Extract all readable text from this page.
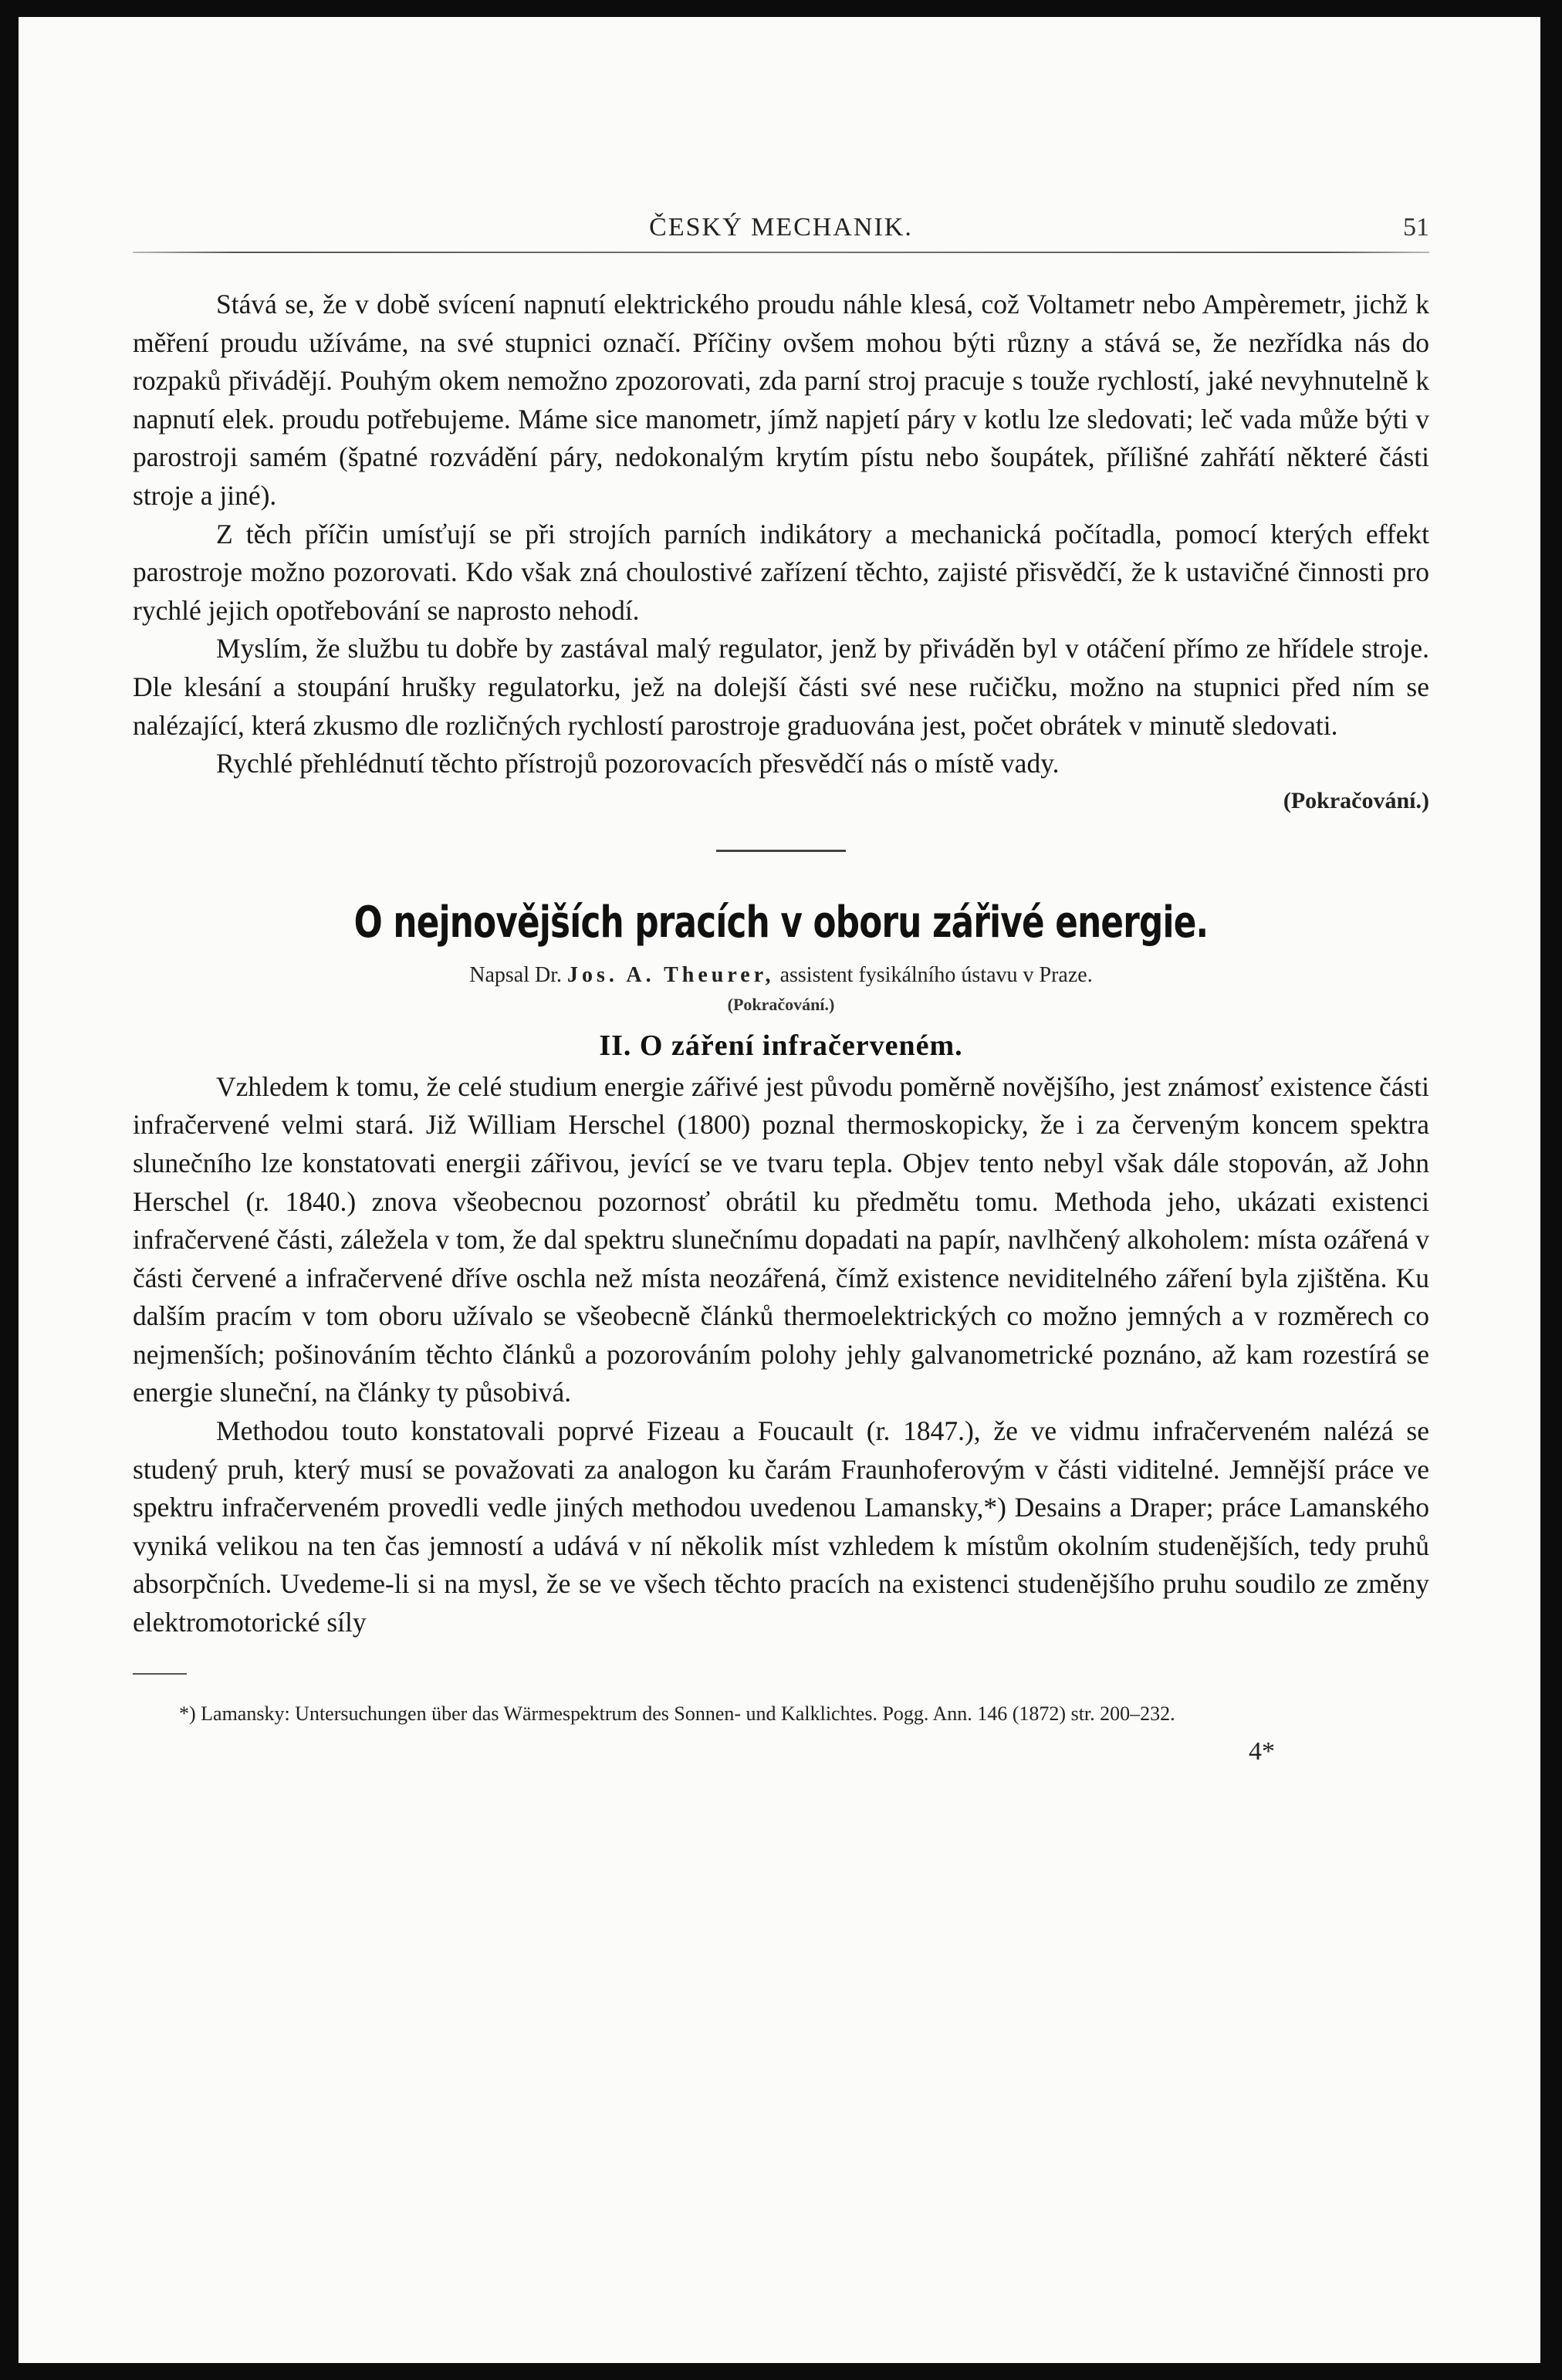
ČESKÝ MECHANIK.	51

Stává se, že v době svícení napnutí elektrického proudu náhle klesá, což Voltametr nebo Ampèremetr, jichž k měření proudu užíváme, na své stupnici označí. Příčiny ovšem mohou býti různy a stává se, že nezřídka nás do rozpaků přivádějí. Pouhým okem nemožno zpozorovati, zda parní stroj pracuje s touže rychlostí, jaké nevyhnutelně k napnutí elek. proudu potřebujeme. Máme sice manometr, jímž napjetí páry v kotlu lze sledovati; leč vada může býti v parostroji samém (špatné rozvádění páry, nedokonalým krytím pístu nebo šoupátek, přílišné zahřátí některé části stroje a jiné).

Z těch příčin umísťují se při strojích parních indikátory a mechanická počítadla, pomocí kterých effekt parostroje možno pozorovati. Kdo však zná choulostivé zařízení těchto, zajisté přisvědčí, že k ustavičné činnosti pro rychlé jejich opotřebování se naprosto nehodí.

Myslím, že službu tu dobře by zastával malý regulator, jenž by přiváděn byl v otáčení přímo ze hřídele stroje. Dle klesání a stoupání hrušky regulatorku, jež na dolejší části své nese ručičku, možno na stupnici před ním se nalézající, která zkusmo dle rozličných rychlostí parostroje graduována jest, počet obrátek v minutě sledovati.

Rychlé přehlédnutí těchto přístrojů pozorovacích přesvědčí nás o místě vady.

(Pokračování.)
O nejnovějších pracích v oboru zářivé energie.
Napsal Dr. Jos. A. Theurer, assistent fysikálního ústavu v Praze.
(Pokračování.)
II. O záření infračerveném.

Vzhledem k tomu, že celé studium energie zářivé jest původu poměrně novějšího, jest známosť existence části infračervené velmi stará. Již William Herschel (1800) poznal thermoskopicky, že i za červeným koncem spektra slunečního lze konstatovati energii zářivou, jevící se ve tvaru tepla. Objev tento nebyl však dále stopován, až John Herschel (r. 1840.) znova všeobecnou pozornosť obrátil ku předmětu tomu. Methoda jeho, ukázati existenci infračervené části, záležela v tom, že dal spektru slunečnímu dopadati na papír, navlhčený alkoholem: místa ozářená v části červené a infračervené dříve oschla než místa neozářená, čímž existence neviditelného záření byla zjištěna. Ku dalším pracím v tom oboru užívalo se všeobecně článků thermoelektrických co možno jemných a v rozměrech co nejmenších; pošinováním těchto článků a pozorováním polohy jehly galvanometrické poznáno, až kam rozestírá se energie sluneční, na články ty působivá.

Methodou touto konstatovali poprvé Fizeau a Foucault (r. 1847.), že ve vidmu infračerveném nalézá se studený pruh, který musí se považovati za analogon ku čarám Fraunhoferovým v části viditelné. Jemnější práce ve spektru infračerveném provedli vedle jiných methodou uvedenou Lamansky,*) Desains a Draper; práce Lamanského vyniká velikou na ten čas jemností a udává v ní několik míst vzhledem k místům okolním studenějších, tedy pruhů absorpčních. Uvedeme-li si na mysl, že se ve všech těchto pracích na existenci studenějšího pruhu soudilo ze změny elektromotorické síly

*) Lamansky: Untersuchungen über das Wärmespektrum des Sonnen- und Kalklichtes. Pogg. Ann. 146 (1872) str. 200–232.
4*
